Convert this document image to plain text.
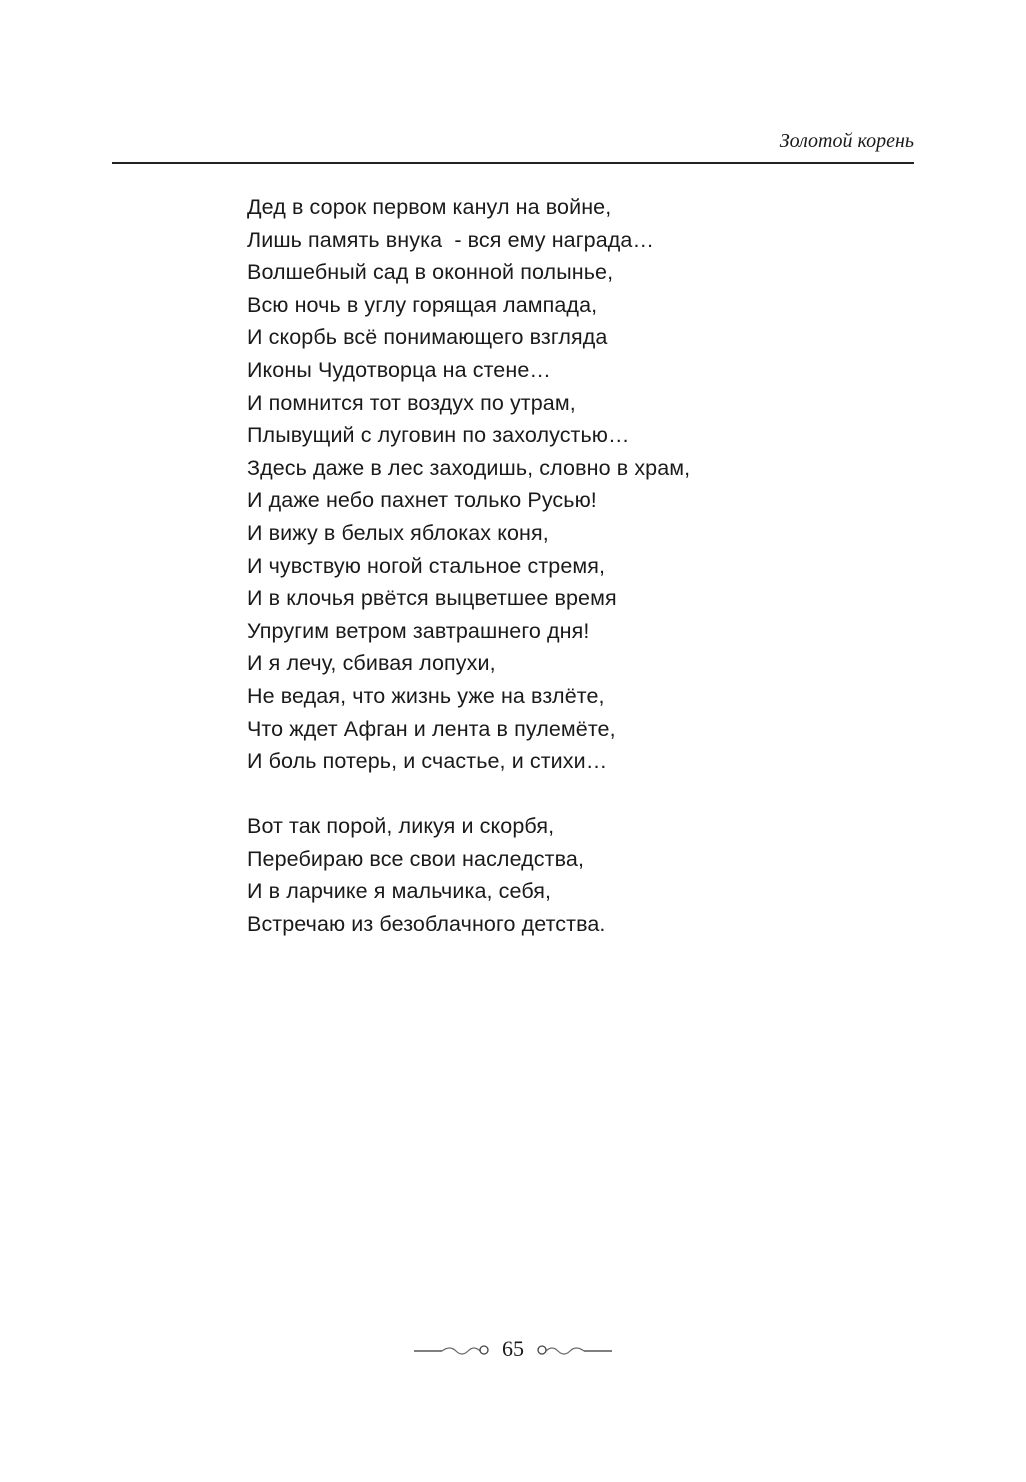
Золотой корень
Дед в сорок первом канул на войне,
Лишь память внука  - вся ему награда…
Волшебный сад в оконной полынье,
Всю ночь в углу горящая лампада,
И скорбь всё понимающего взгляда
Иконы Чудотворца на стене…
И помнится тот воздух по утрам,
Плывущий с луговин по захолустью…
Здесь даже в лес заходишь, словно в храм,
И даже небо пахнет только Русью!
И вижу в белых яблоках коня,
И чувствую ногой стальное стремя,
И в клочья рвётся выцветшее время
Упругим ветром завтрашнего дня!
И я лечу, сбивая лопухи,
Не ведая, что жизнь уже на взлёте,
Что ждет Афган и лента в пулемёте,
И боль потерь, и счастье, и стихи…
Вот так порой, ликуя и скорбя,
Перебираю все свои наследства,
И в ларчике я мальчика, себя,
Встречаю из безоблачного детства.
65
